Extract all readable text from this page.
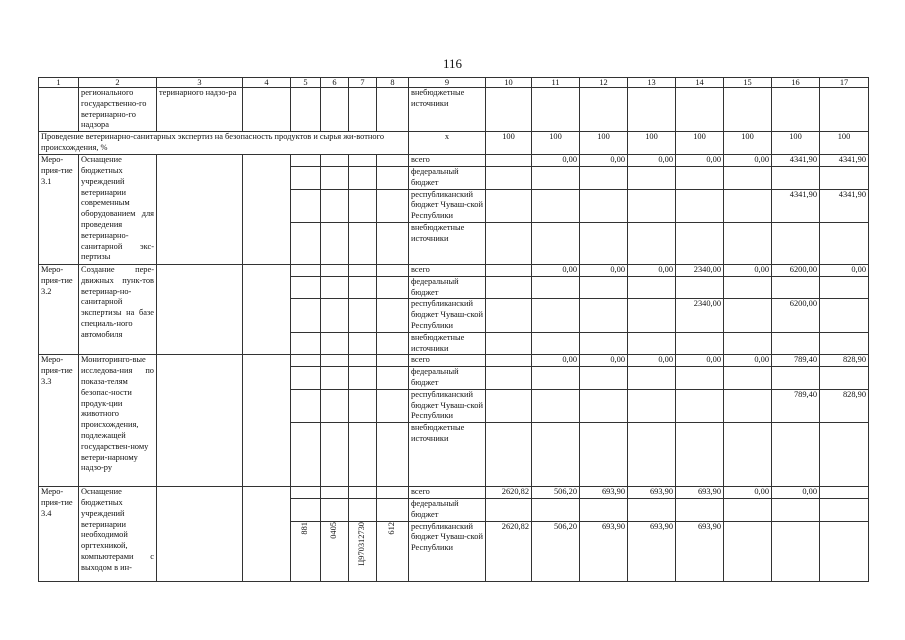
116
1	2	3	4	5	6	7	8	9	10	11	12	13	14	15	16	17
	регионального государственно-го ветеринарно-го надзора	теринарного надзо-ра						внебюджетные источники								
Проведение ветеринарно-санитарных экспертиз на безопасность продуктов и сырья жи-вотного происхождения, %								x	100	100	100	100	100	100	100	100
Меро-прия-тие 3.1	Оснащение бюджетных учреждений ветеринарии современным оборудованием для проведения ветеринарно-санитарной экс-пертизы							всего		0,00	0,00	0,00	0,00	0,00	4341,90	4341,90
								федеральный бюджет								
								республиканский бюджет Чуваш-ской Республики							4341,90	4341,90
								внебюджетные источники								
Меро-прия-тие 3.2	Создание пере-движных пунк-тов ветеринар-но-санитарной экспертизы на базе специаль-ного автомобиля							всего		0,00	0,00	0,00	2340,00	0,00	6200,00	0,00
								федеральный бюджет								
								республиканский бюджет Чуваш-ской Республики					2340,00		6200,00	
								внебюджетные источники								
Меро-прия-тие 3.3	Мониторинго-вые исследова-ния по показа-телям безопас-ности продук-ции животного происхождения, подлежащей государствен-ному ветери-нарному надзо-ру							всего		0,00	0,00	0,00	0,00	0,00	789,40	828,90
								федеральный бюджет								
								республиканский бюджет Чуваш-ской Республики							789,40	828,90
								внебюджетные источники								
Меро-прия-тие 3.4	Оснащение бюджетных учреждений ветеринарии необходимой оргтехникой, компьютерами с выходом в ин-							всего	2620,82	506,20	693,90	693,90	693,90	0,00	0,00	
								федеральный бюджет								
				881	0405	Ц970312730	612	республиканский бюджет Чуваш-ской Республики	2620,82	506,20	693,90	693,90	693,90			
